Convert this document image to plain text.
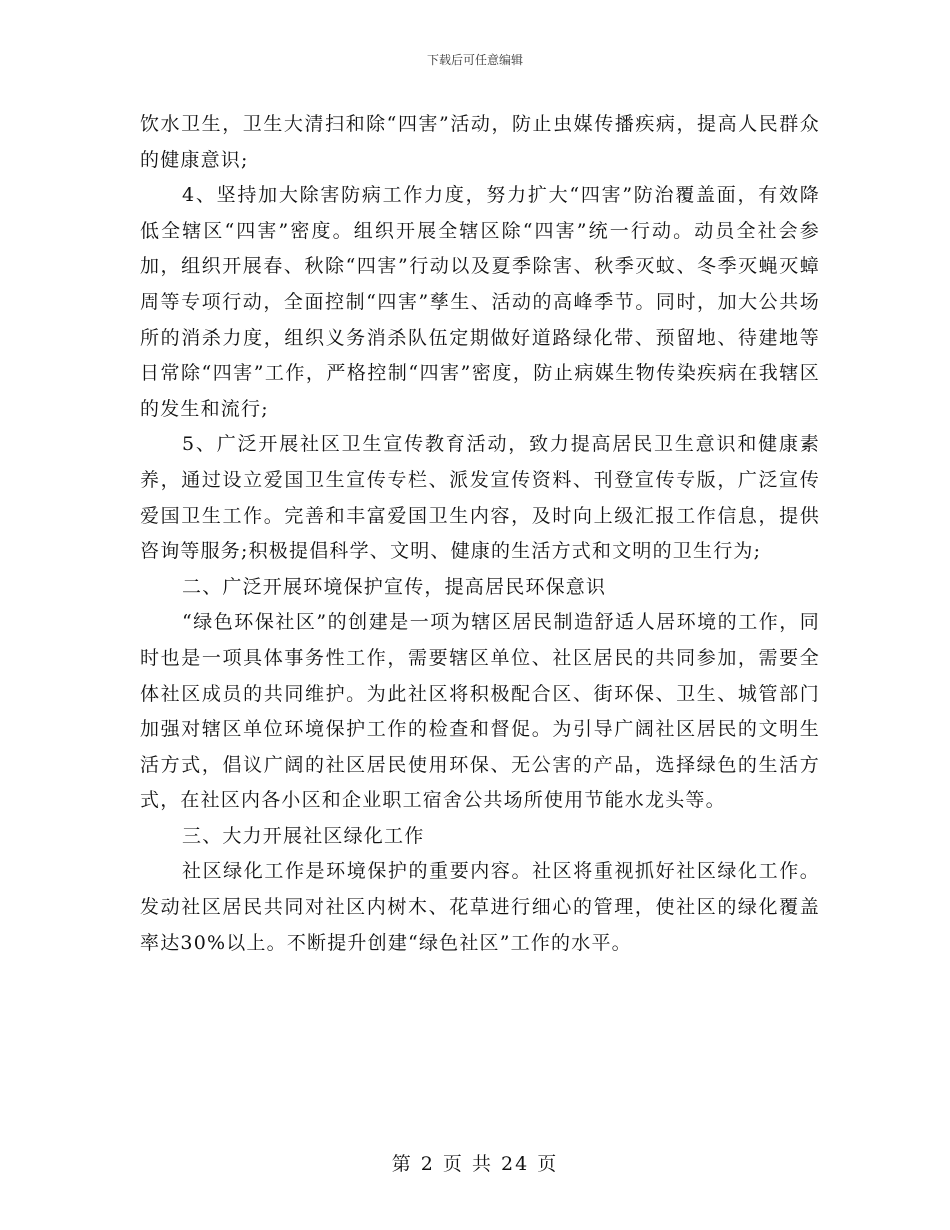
下载后可任意编辑

饮水卫生，卫生大清扫和除“四害”活动，防止虫媒传播疾病，提高人民群众的健康意识;

4、坚持加大除害防病工作力度，努力扩大“四害”防治覆盖面，有效降低全辖区“四害”密度。组织开展全辖区除“四害”统一行动。动员全社会参加，组织开展春、秋除“四害”行动以及夏季除害、秋季灭蚊、冬季灭蝇灭蟑周等专项行动，全面控制“四害”孳生、活动的高峰季节。同时，加大公共场所的消杀力度，组织义务消杀队伍定期做好道路绿化带、预留地、待建地等日常除“四害”工作，严格控制“四害”密度，防止病媒生物传染疾病在我辖区的发生和流行;

5、广泛开展社区卫生宣传教育活动，致力提高居民卫生意识和健康素养，通过设立爱国卫生宣传专栏、派发宣传资料、刊登宣传专版，广泛宣传爱国卫生工作。完善和丰富爱国卫生内容，及时向上级汇报工作信息，提供咨询等服务;积极提倡科学、文明、健康的生活方式和文明的卫生行为;

二、广泛开展环境保护宣传，提高居民环保意识

“绿色环保社区”的创建是一项为辖区居民制造舒适人居环境的工作，同时也是一项具体事务性工作，需要辖区单位、社区居民的共同参加，需要全体社区成员的共同维护。为此社区将积极配合区、街环保、卫生、城管部门加强对辖区单位环境保护工作的检查和督促。为引导广阔社区居民的文明生活方式，倡议广阔的社区居民使用环保、无公害的产品，选择绿色的生活方式，在社区内各小区和企业职工宿舍公共场所使用节能水龙头等。

三、大力开展社区绿化工作

社区绿化工作是环境保护的重要内容。社区将重视抓好社区绿化工作。发动社区居民共同对社区内树木、花草进行细心的管理，使社区的绿化覆盖率达30%以上。不断提升创建“绿色社区”工作的水平。

第 2 页 共 24 页
